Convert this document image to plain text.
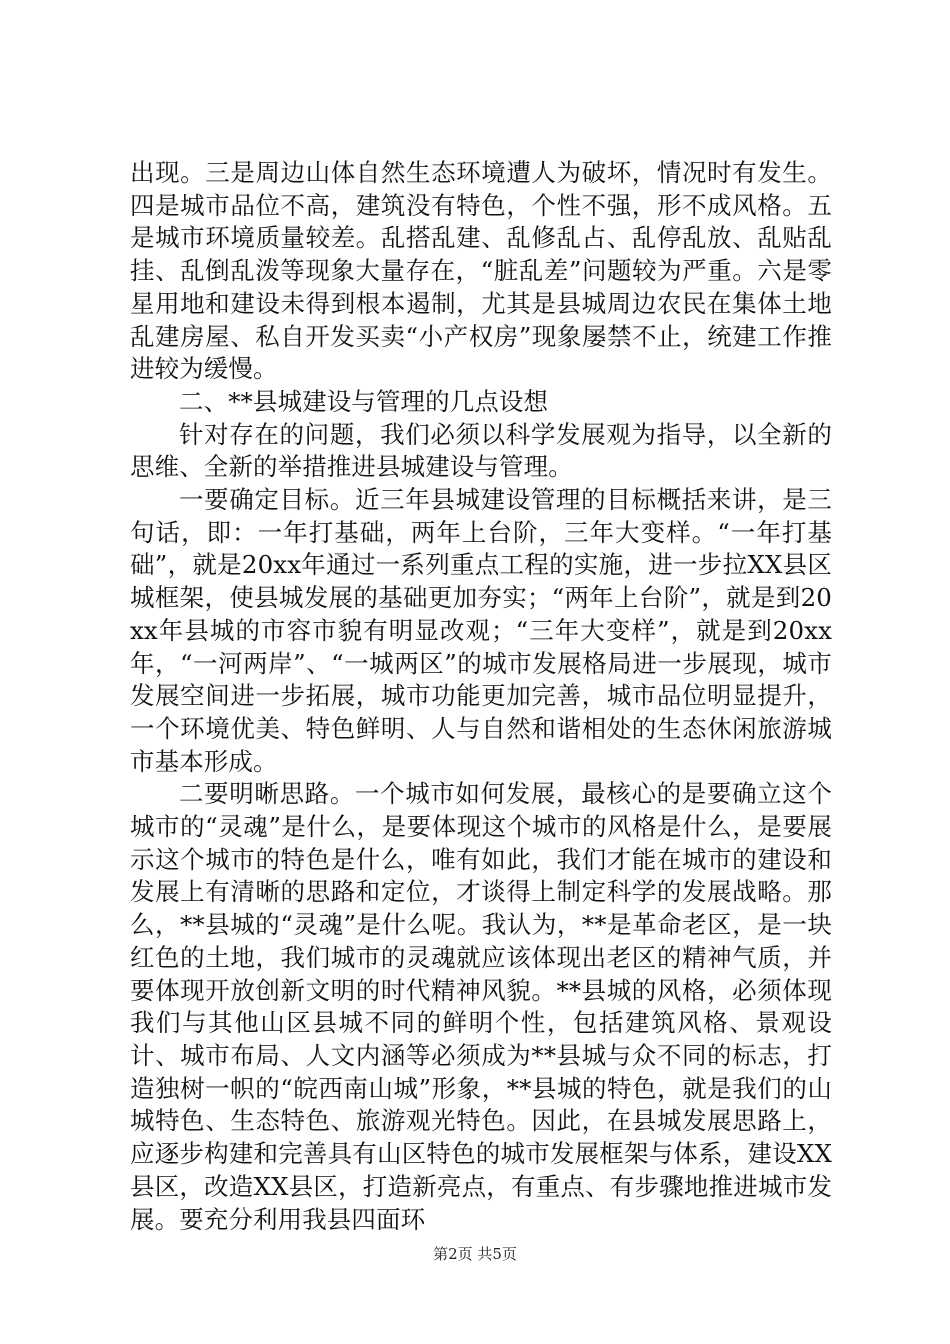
出现。三是周边山体自然生态环境遭人为破坏，情况时有发生。四是城市品位不高，建筑没有特色，个性不强，形不成风格。五是城市环境质量较差。乱搭乱建、乱修乱占、乱停乱放、乱贴乱挂、乱倒乱泼等现象大量存在，“脏乱差”问题较为严重。六是零星用地和建设未得到根本遏制，尤其是县城周边农民在集体土地乱建房屋、私自开发买卖“小产权房”现象屡禁不止，统建工作推进较为缓慢。

二、**县城建设与管理的几点设想

针对存在的问题，我们必须以科学发展观为指导，以全新的思维、全新的举措推进县城建设与管理。

一要确定目标。近三年县城建设管理的目标概括来讲，是三句话，即：一年打基础，两年上台阶，三年大变样。“一年打基础”，就是20xx年通过一系列重点工程的实施，进一步拉XX县区城框架，使县城发展的基础更加夯实；“两年上台阶”，就是到20xx年县城的市容市貌有明显改观；“三年大变样”，就是到20xx年，“一河两岸”、“一城两区”的城市发展格局进一步展现，城市发展空间进一步拓展，城市功能更加完善，城市品位明显提升，一个环境优美、特色鲜明、人与自然和谐相处的生态休闲旅游城市基本形成。

二要明晰思路。一个城市如何发展，最核心的是要确立这个城市的“灵魂”是什么，是要体现这个城市的风格是什么，是要展示这个城市的特色是什么，唯有如此，我们才能在城市的建设和发展上有清晰的思路和定位，才谈得上制定科学的发展战略。那么，**县城的“灵魂”是什么呢。我认为，**是革命老区，是一块红色的土地，我们城市的灵魂就应该体现出老区的精神气质，并要体现开放创新文明的时代精神风貌。**县城的风格，必须体现我们与其他山区县城不同的鲜明个性，包括建筑风格、景观设计、城市布局、人文内涵等必须成为**县城与众不同的标志，打造独树一帜的“皖西南山城”形象，**县城的特色，就是我们的山城特色、生态特色、旅游观光特色。因此，在县城发展思路上，应逐步构建和完善具有山区特色的城市发展框架与体系，建设XX县区，改造XX县区，打造新亮点，有重点、有步骤地推进城市发展。要充分利用我县四面环

第2页 共5页
